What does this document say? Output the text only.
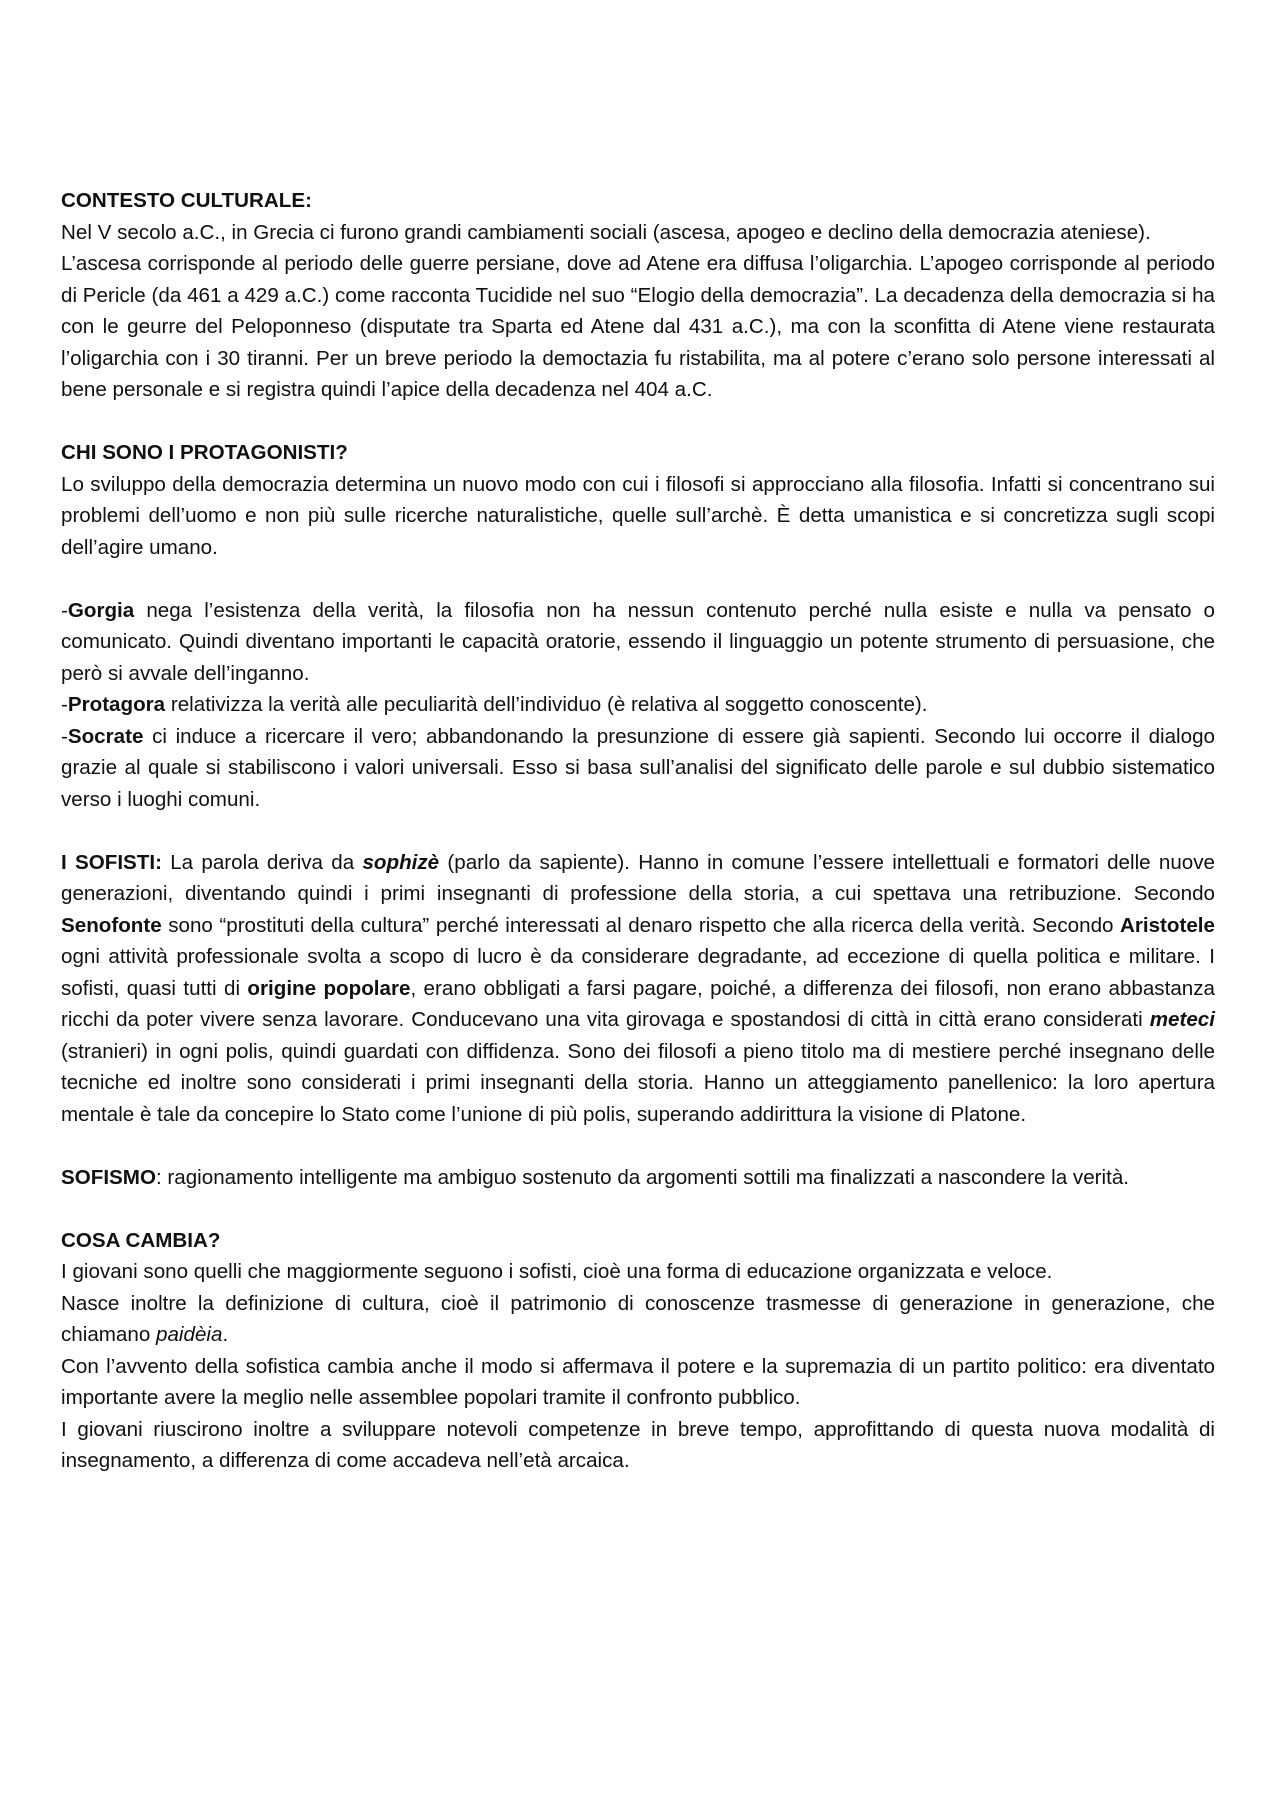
CONTESTO CULTURALE:

Nel V secolo a.C., in Grecia ci furono grandi cambiamenti sociali (ascesa, apogeo e declino della democrazia ateniese).

L’ascesa corrisponde al periodo delle guerre persiane, dove ad Atene era diffusa l’oligarchia. L’apogeo corrisponde al periodo di Pericle (da 461 a 429 a.C.) come racconta Tucidide nel suo “Elogio della democrazia”. La decadenza della democrazia si ha con le geurre del Peloponneso (disputate tra Sparta ed Atene dal 431 a.C.), ma con la sconfitta di Atene viene restaurata l’oligarchia con i 30 tiranni. Per un breve periodo la democtazia fu ristabilita, ma al potere c’erano solo persone interessati al bene personale e si registra quindi l’apice della decadenza nel 404 a.C.

CHI SONO I PROTAGONISTI?

Lo sviluppo della democrazia determina un nuovo modo con cui i filosofi si approcciano alla filosofia. Infatti si concentrano sui problemi dell’uomo e non più sulle ricerche naturalistiche, quelle sull’archè. È detta umanistica e si concretizza sugli scopi dell’agire umano.

-Gorgia nega l’esistenza della verità, la filosofia non ha nessun contenuto perché nulla esiste e nulla va pensato o comunicato. Quindi diventano importanti le capacità oratorie, essendo il linguaggio un potente strumento di persuasione, che però si avvale dell’inganno.

-Protagora relativizza la verità alle peculiarità dell’individuo (è relativa al soggetto conoscente).

-Socrate ci induce a ricercare il vero; abbandonando la presunzione di essere già sapienti. Secondo lui occorre il dialogo grazie al quale si stabiliscono i valori universali. Esso si basa sull’analisi del significato delle parole e sul dubbio sistematico verso i luoghi comuni.

I SOFISTI: La parola deriva da sophizè (parlo da sapiente). Hanno in comune l’essere intellettuali e formatori delle nuove generazioni, diventando quindi i primi insegnanti di professione della storia, a cui spettava una retribuzione. Secondo Senofonte sono “prostituti della cultura” perché interessati al denaro rispetto che alla ricerca della verità. Secondo Aristotele ogni attività professionale svolta a scopo di lucro è da considerare degradante, ad eccezione di quella politica e militare. I sofisti, quasi tutti di origine popolare, erano obbligati a farsi pagare, poiché, a differenza dei filosofi, non erano abbastanza ricchi da poter vivere senza lavorare. Conducevano una vita girovaga e spostandosi di città in città erano considerati meteci (stranieri) in ogni polis, quindi guardati con diffidenza. Sono dei filosofi a pieno titolo ma di mestiere perché insegnano delle tecniche ed inoltre sono considerati i primi insegnanti della storia. Hanno un atteggiamento panellenico: la loro apertura mentale è tale da concepire lo Stato come l’unione di più polis, superando addirittura la visione di Platone.

SOFISMO: ragionamento intelligente ma ambiguo sostenuto da argomenti sottili ma finalizzati a nascondere la verità.

COSA CAMBIA?

I giovani sono quelli che maggiormente seguono i sofisti, cioè una forma di educazione organizzata e veloce.

Nasce inoltre la definizione di cultura, cioè il patrimonio di conoscenze trasmesse di generazione in generazione, che chiamano paidèia.

Con l’avvento della sofistica cambia anche il modo si affermava il potere e la supremazia di un partito politico: era diventato importante avere la meglio nelle assemblee popolari tramite il confronto pubblico.

I giovani riuscirono inoltre a sviluppare notevoli competenze in breve tempo, approfittando di questa nuova modalità di insegnamento, a differenza di come accadeva nell’età arcaica.
